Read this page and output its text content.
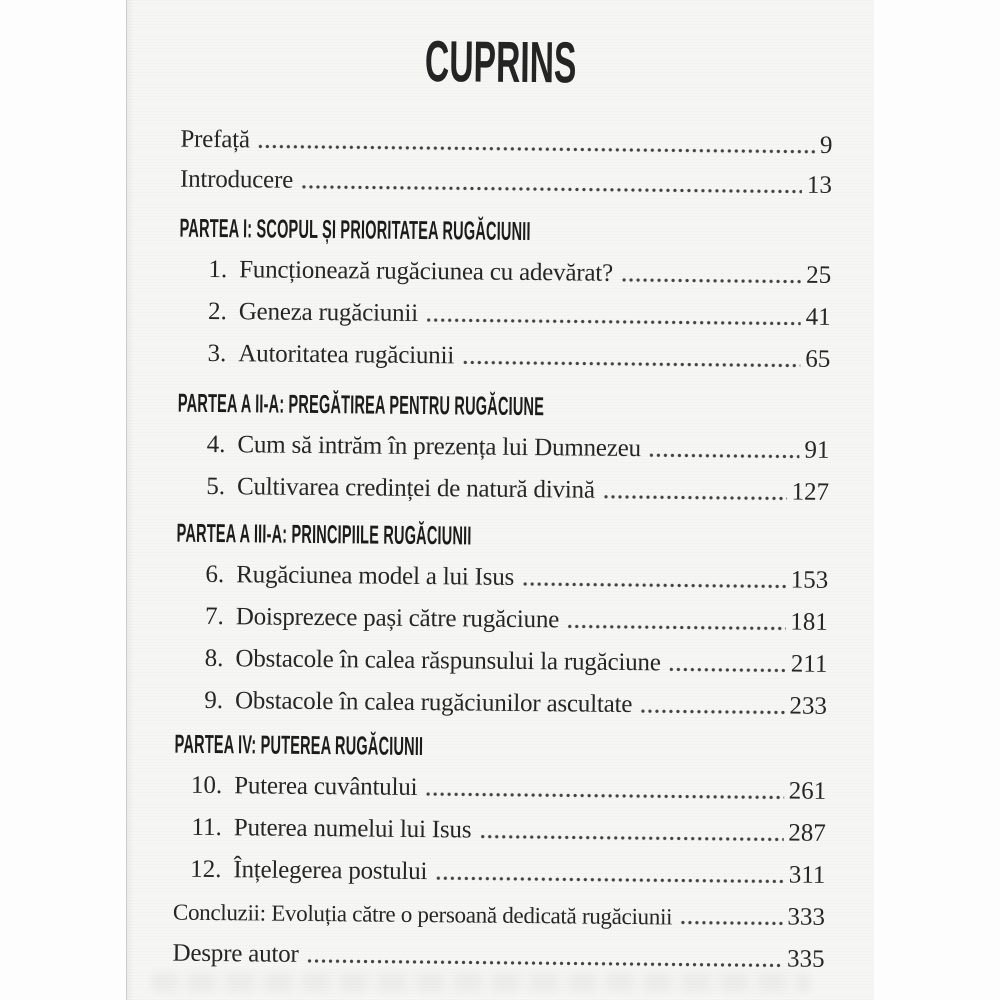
CUPRINS
Prefață	9
Introducere	13
PARTEA I: SCOPUL ȘI PRIORITATEA RUGĂCIUNII
1. Funcționează rugăciunea cu adevărat?	25
2. Geneza rugăciunii	41
3. Autoritatea rugăciunii	65
PARTEA A II-A: PREGĂTIREA PENTRU RUGĂCIUNE
4. Cum să intrăm în prezența lui Dumnezeu	91
5. Cultivarea credinței de natură divină	127
PARTEA A III-A: PRINCIPIILE RUGĂCIUNII
6. Rugăciunea model a lui Isus	153
7. Doisprezece pași către rugăciune	181
8. Obstacole în calea răspunsului la rugăciune	211
9. Obstacole în calea rugăciunilor ascultate	233
PARTEA IV: PUTEREA RUGĂCIUNII
10. Puterea cuvântului	261
11. Puterea numelui lui Isus	287
12. Înțelegerea postului	311
Concluzii: Evoluția către o persoană dedicată rugăciunii	333
Despre autor	335
